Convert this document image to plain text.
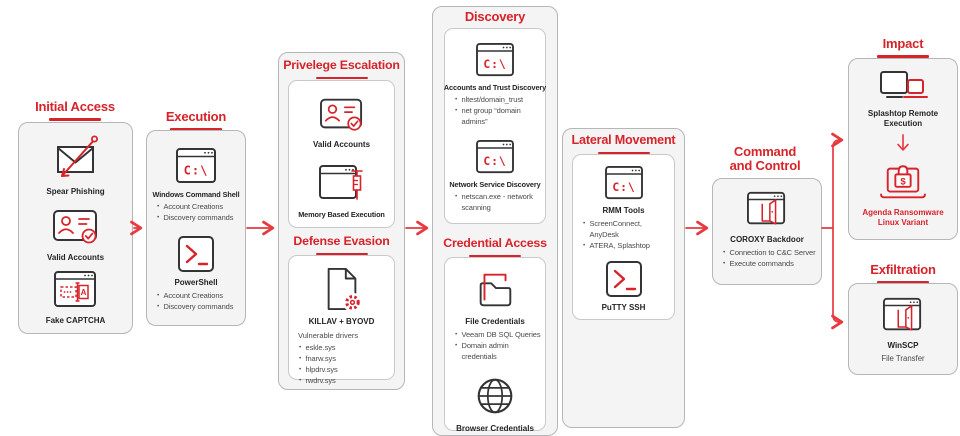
Initial Access
Spear Phishing
Valid Accounts
A
Fake CAPTCHA
Execution
C:\
Windows Command Shell
• Account Creations
• Discovery commands
PowerShell
• Account Creations
• Discovery commands
Privelege Escalation
Valid Accounts
Memory Based Execution
Defense Evasion
KILLAV + BYOVD
Vulnerable drivers
• eskle.sys
• fnarw.sys
• hlpdrv.sys
• rwdrv.sys
Discovery
C:\
Accounts and Trust Discovery
• nltest/domain_trust
• net group “domain admins”
C:\
Network Service Discovery
• netscan.exe - network scanning
Credential Access
File Credentials
• Veeam DB SQL Queries
• Domain admin credentials
Browser Credentials
Lateral Movement
C:\
RMM Tools
• ScreenConnect, AnyDesk
• ATERA, Splashtop
PuTTY SSH
Command
and Control
COROXY Backdoor
• Connection to C&C Server
• Execute commands
Impact
Splashtop Remote Execution
$
Agenda Ransomware Linux Variant
Exfiltration
WinSCP
File Transfer
